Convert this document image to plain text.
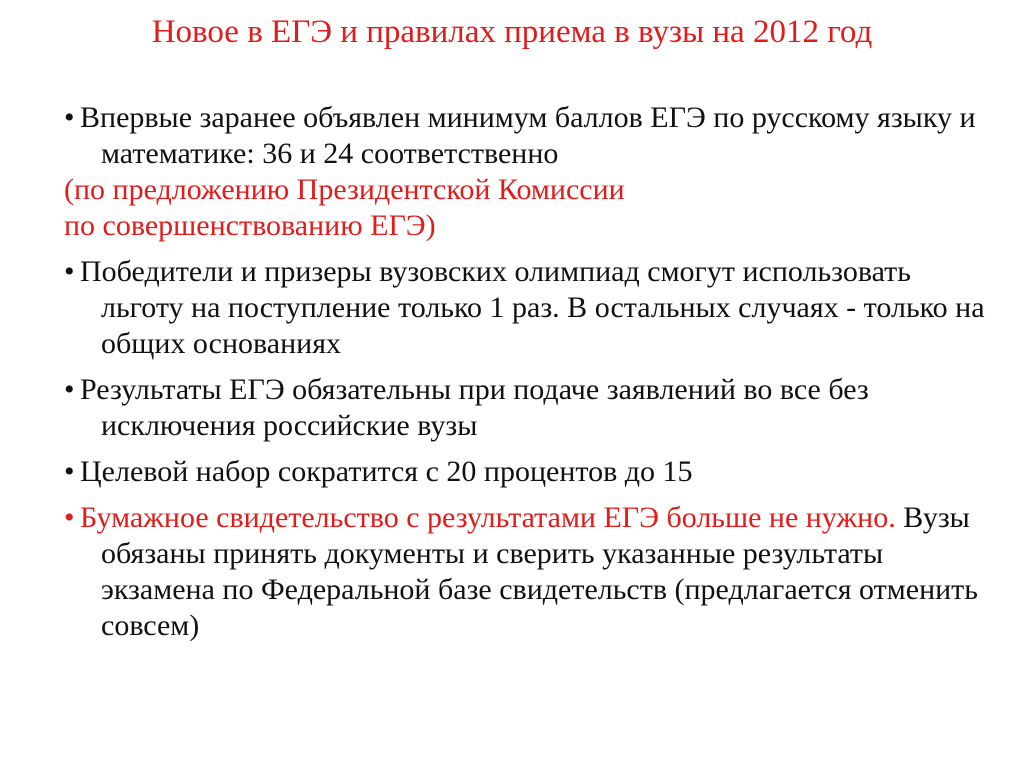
Новое в ЕГЭ и правилах приема в вузы на 2012 год
• Впервые заранее объявлен минимум баллов ЕГЭ по русскому языку и математике: 36 и 24 соответственно
(по предложению Президентской Комиссии
по совершенствованию ЕГЭ)
• Победители и призеры вузовских олимпиад смогут использовать льготу на поступление только 1 раз. В остальных случаях - только на общих основаниях
• Результаты ЕГЭ обязательны при подаче заявлений во все без исключения российские вузы
• Целевой набор сократится с 20 процентов до 15
• Бумажное свидетельство с результатами ЕГЭ больше не нужно. Вузы обязаны принять документы и сверить указанные результаты экзамена по Федеральной базе свидетельств (предлагается отменить совсем)
